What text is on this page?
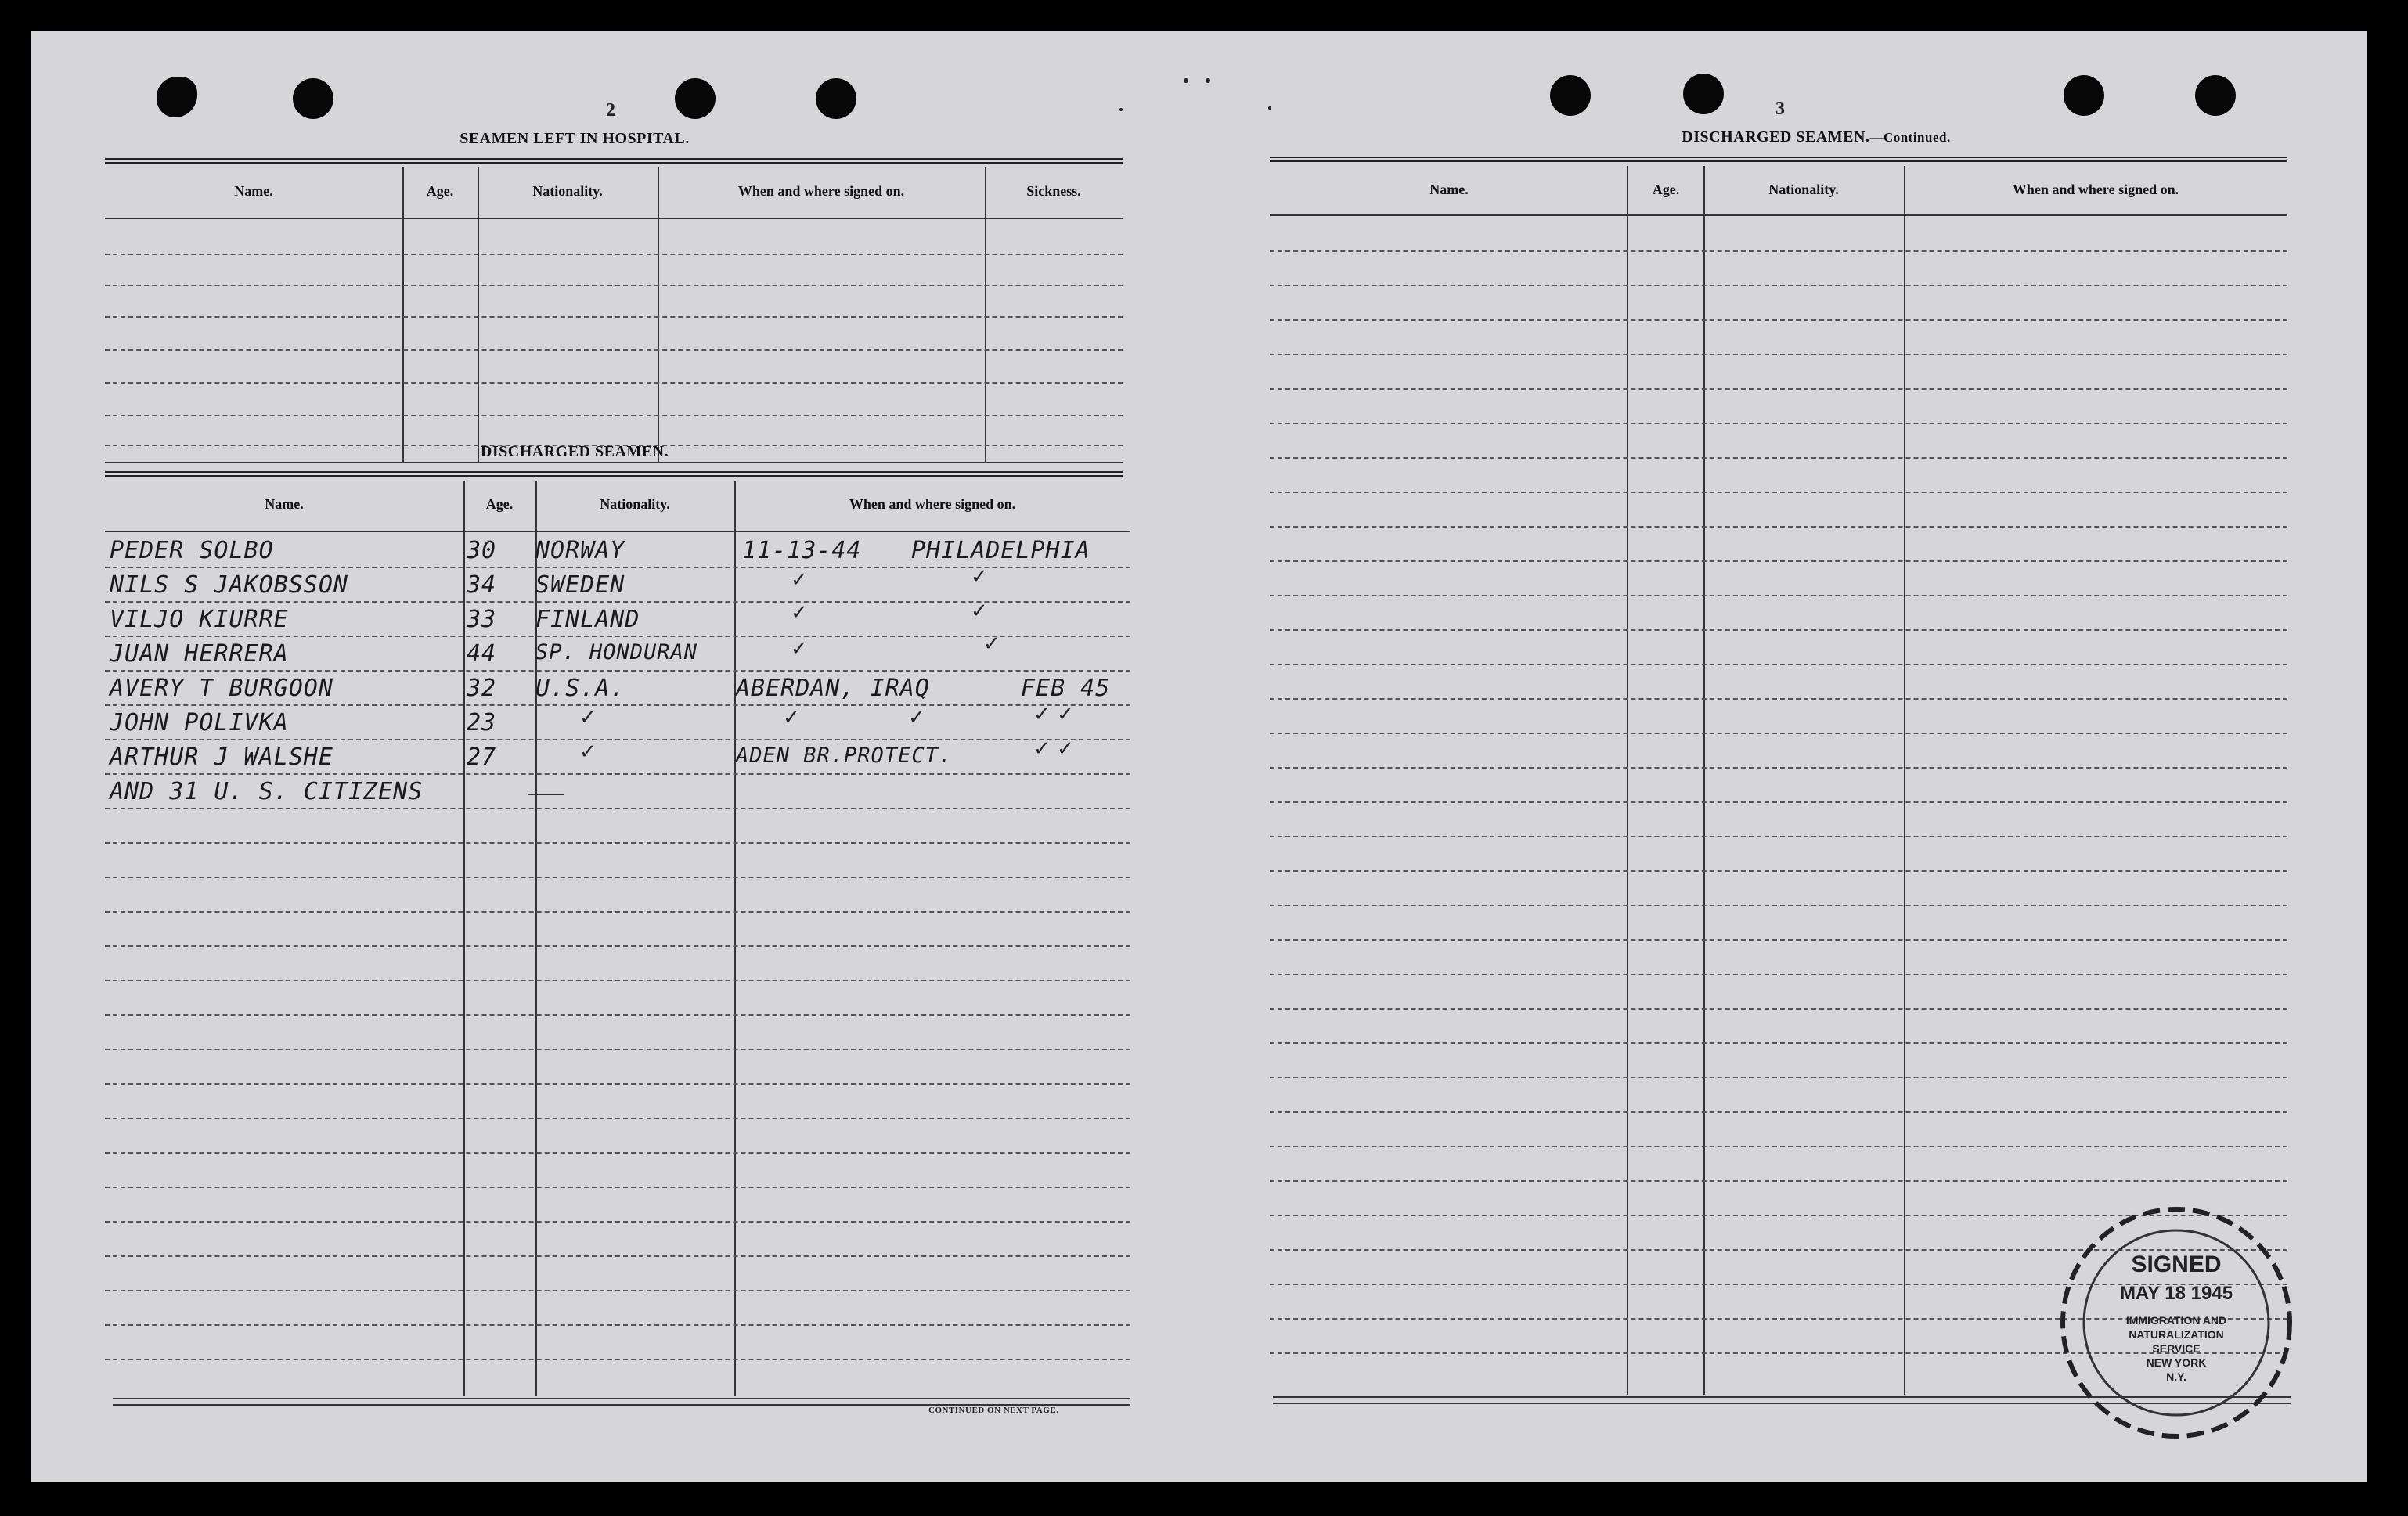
2
SEAMEN LEFT IN HOSPITAL.
Name.	Age.	Nationality.	When and where signed on.	Sickness.
DISCHARGED SEAMEN.
Name.	Age.	Nationality.	When and where signed on.
PEDER SOLBO	30 NORWAY	11-13-44 PHILADELPHIA
NILS S JAKOBSSON	34 SWEDEN	✓	✓
VILJO KIURRE	33 FINLAND	✓	✓
JUAN HERRERA	44 SP. HONDURAN	✓	✓
AVERY T BURGOON	32 U.S.A.	ABERDAN, IRAQ	FEB 45
JOHN POLIVKA	23	✓	✓	✓	✓ ✓
ARTHUR J WALSHE	27	✓	ADEN BR.PROTECT.	✓ ✓
AND 31 U. S. CITIZENS
CONTINUED ON NEXT PAGE.
3
DISCHARGED SEAMEN.—Continued.
Name.	Age.	Nationality.	When and where signed on.
SIGNED
MAY 18 1945
IMMIGRATION AND
NATURALIZATION
SERVICE
NEW YORK
N.Y.
